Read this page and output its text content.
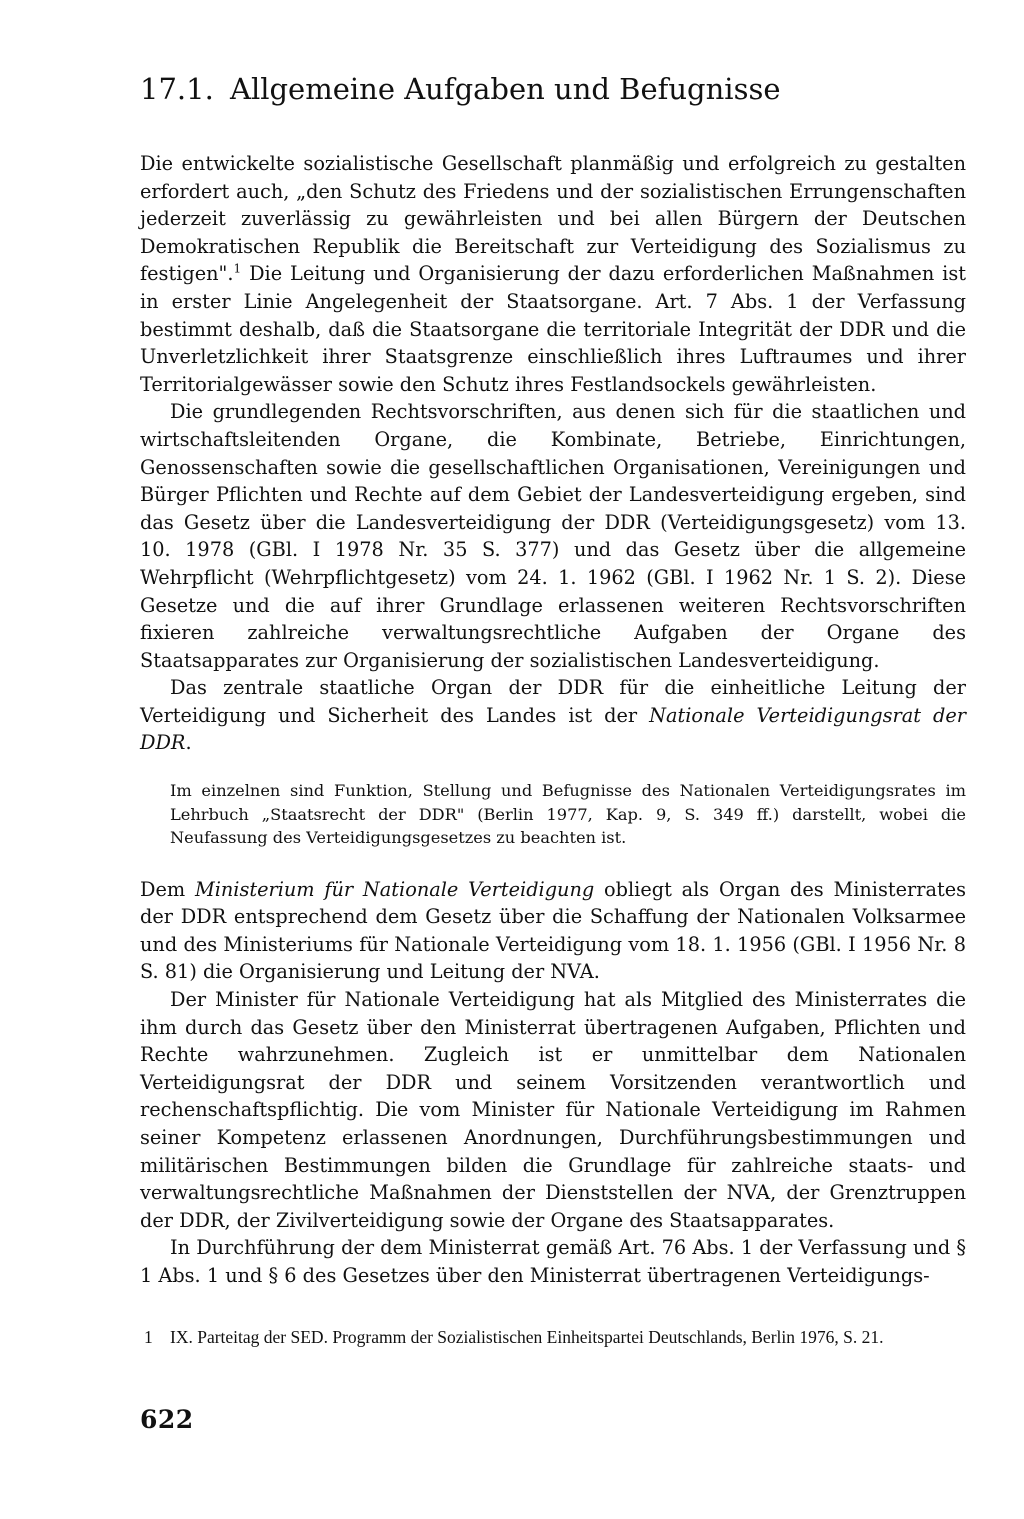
17.1. Allgemeine Aufgaben und Befugnisse

Die entwickelte sozialistische Gesellschaft planmäßig und erfolgreich zu gestalten erfordert auch, „den Schutz des Friedens und der sozialistischen Errungenschaften jederzeit zuverlässig zu gewährleisten und bei allen Bürgern der Deutschen Demokratischen Republik die Bereitschaft zur Verteidigung des Sozialismus zu festigen".$^1$ Die Leitung und Organisierung der dazu erforderlichen Maßnahmen ist in erster Linie Angelegenheit der Staatsorgane. Art. 7 Abs. 1 der Verfassung bestimmt deshalb, daß die Staatsorgane die territoriale Integrität der DDR und die Unverletzlichkeit ihrer Staatsgrenze einschließlich ihres Luftraumes und ihrer Territorialgewässer sowie den Schutz ihres Festlandsockels gewährleisten.

Die grundlegenden Rechtsvorschriften, aus denen sich für die staatlichen und wirtschaftsleitenden Organe, die Kombinate, Betriebe, Einrichtungen, Genossenschaften sowie die gesellschaftlichen Organisationen, Vereinigungen und Bürger Pflichten und Rechte auf dem Gebiet der Landesverteidigung ergeben, sind das Gesetz über die Landesverteidigung der DDR (Verteidigungsgesetz) vom 13. 10. 1978 (GBl. I 1978 Nr. 35 S. 377) und das Gesetz über die allgemeine Wehrpflicht (Wehrpflichtgesetz) vom 24. 1. 1962 (GBl. I 1962 Nr. 1 S. 2). Diese Gesetze und die auf ihrer Grundlage erlassenen weiteren Rechtsvorschriften fixieren zahlreiche verwaltungsrechtliche Aufgaben der Organe des Staatsapparates zur Organisierung der sozialistischen Landesverteidigung.

Das zentrale staatliche Organ der DDR für die einheitliche Leitung der Verteidigung und Sicherheit des Landes ist der Nationale Verteidigungsrat der DDR.

Im einzelnen sind Funktion, Stellung und Befugnisse des Nationalen Verteidigungsrates im Lehrbuch „Staatsrecht der DDR" (Berlin 1977, Kap. 9, S. 349 ff.) darstellt, wobei die Neufassung des Verteidigungsgesetzes zu beachten ist.

Dem Ministerium für Nationale Verteidigung obliegt als Organ des Ministerrates der DDR entsprechend dem Gesetz über die Schaffung der Nationalen Volksarmee und des Ministeriums für Nationale Verteidigung vom 18. 1. 1956 (GBl. I 1956 Nr. 8 S. 81) die Organisierung und Leitung der NVA.

Der Minister für Nationale Verteidigung hat als Mitglied des Ministerrates die ihm durch das Gesetz über den Ministerrat übertragenen Aufgaben, Pflichten und Rechte wahrzunehmen. Zugleich ist er unmittelbar dem Nationalen Verteidigungsrat der DDR und seinem Vorsitzenden verantwortlich und rechenschaftspflichtig. Die vom Minister für Nationale Verteidigung im Rahmen seiner Kompetenz erlassenen Anordnungen, Durchführungsbestimmungen und militärischen Bestimmungen bilden die Grundlage für zahlreiche staats- und verwaltungsrechtliche Maßnahmen der Dienststellen der NVA, der Grenztruppen der DDR, der Zivilverteidigung sowie der Organe des Staatsapparates.

In Durchführung der dem Ministerrat gemäß Art. 76 Abs. 1 der Verfassung und § 1 Abs. 1 und § 6 des Gesetzes über den Ministerrat übertragenen Verteidigungs-

1 IX. Parteitag der SED. Programm der Sozialistischen Einheitspartei Deutschlands, Berlin 1976, S. 21.
622
